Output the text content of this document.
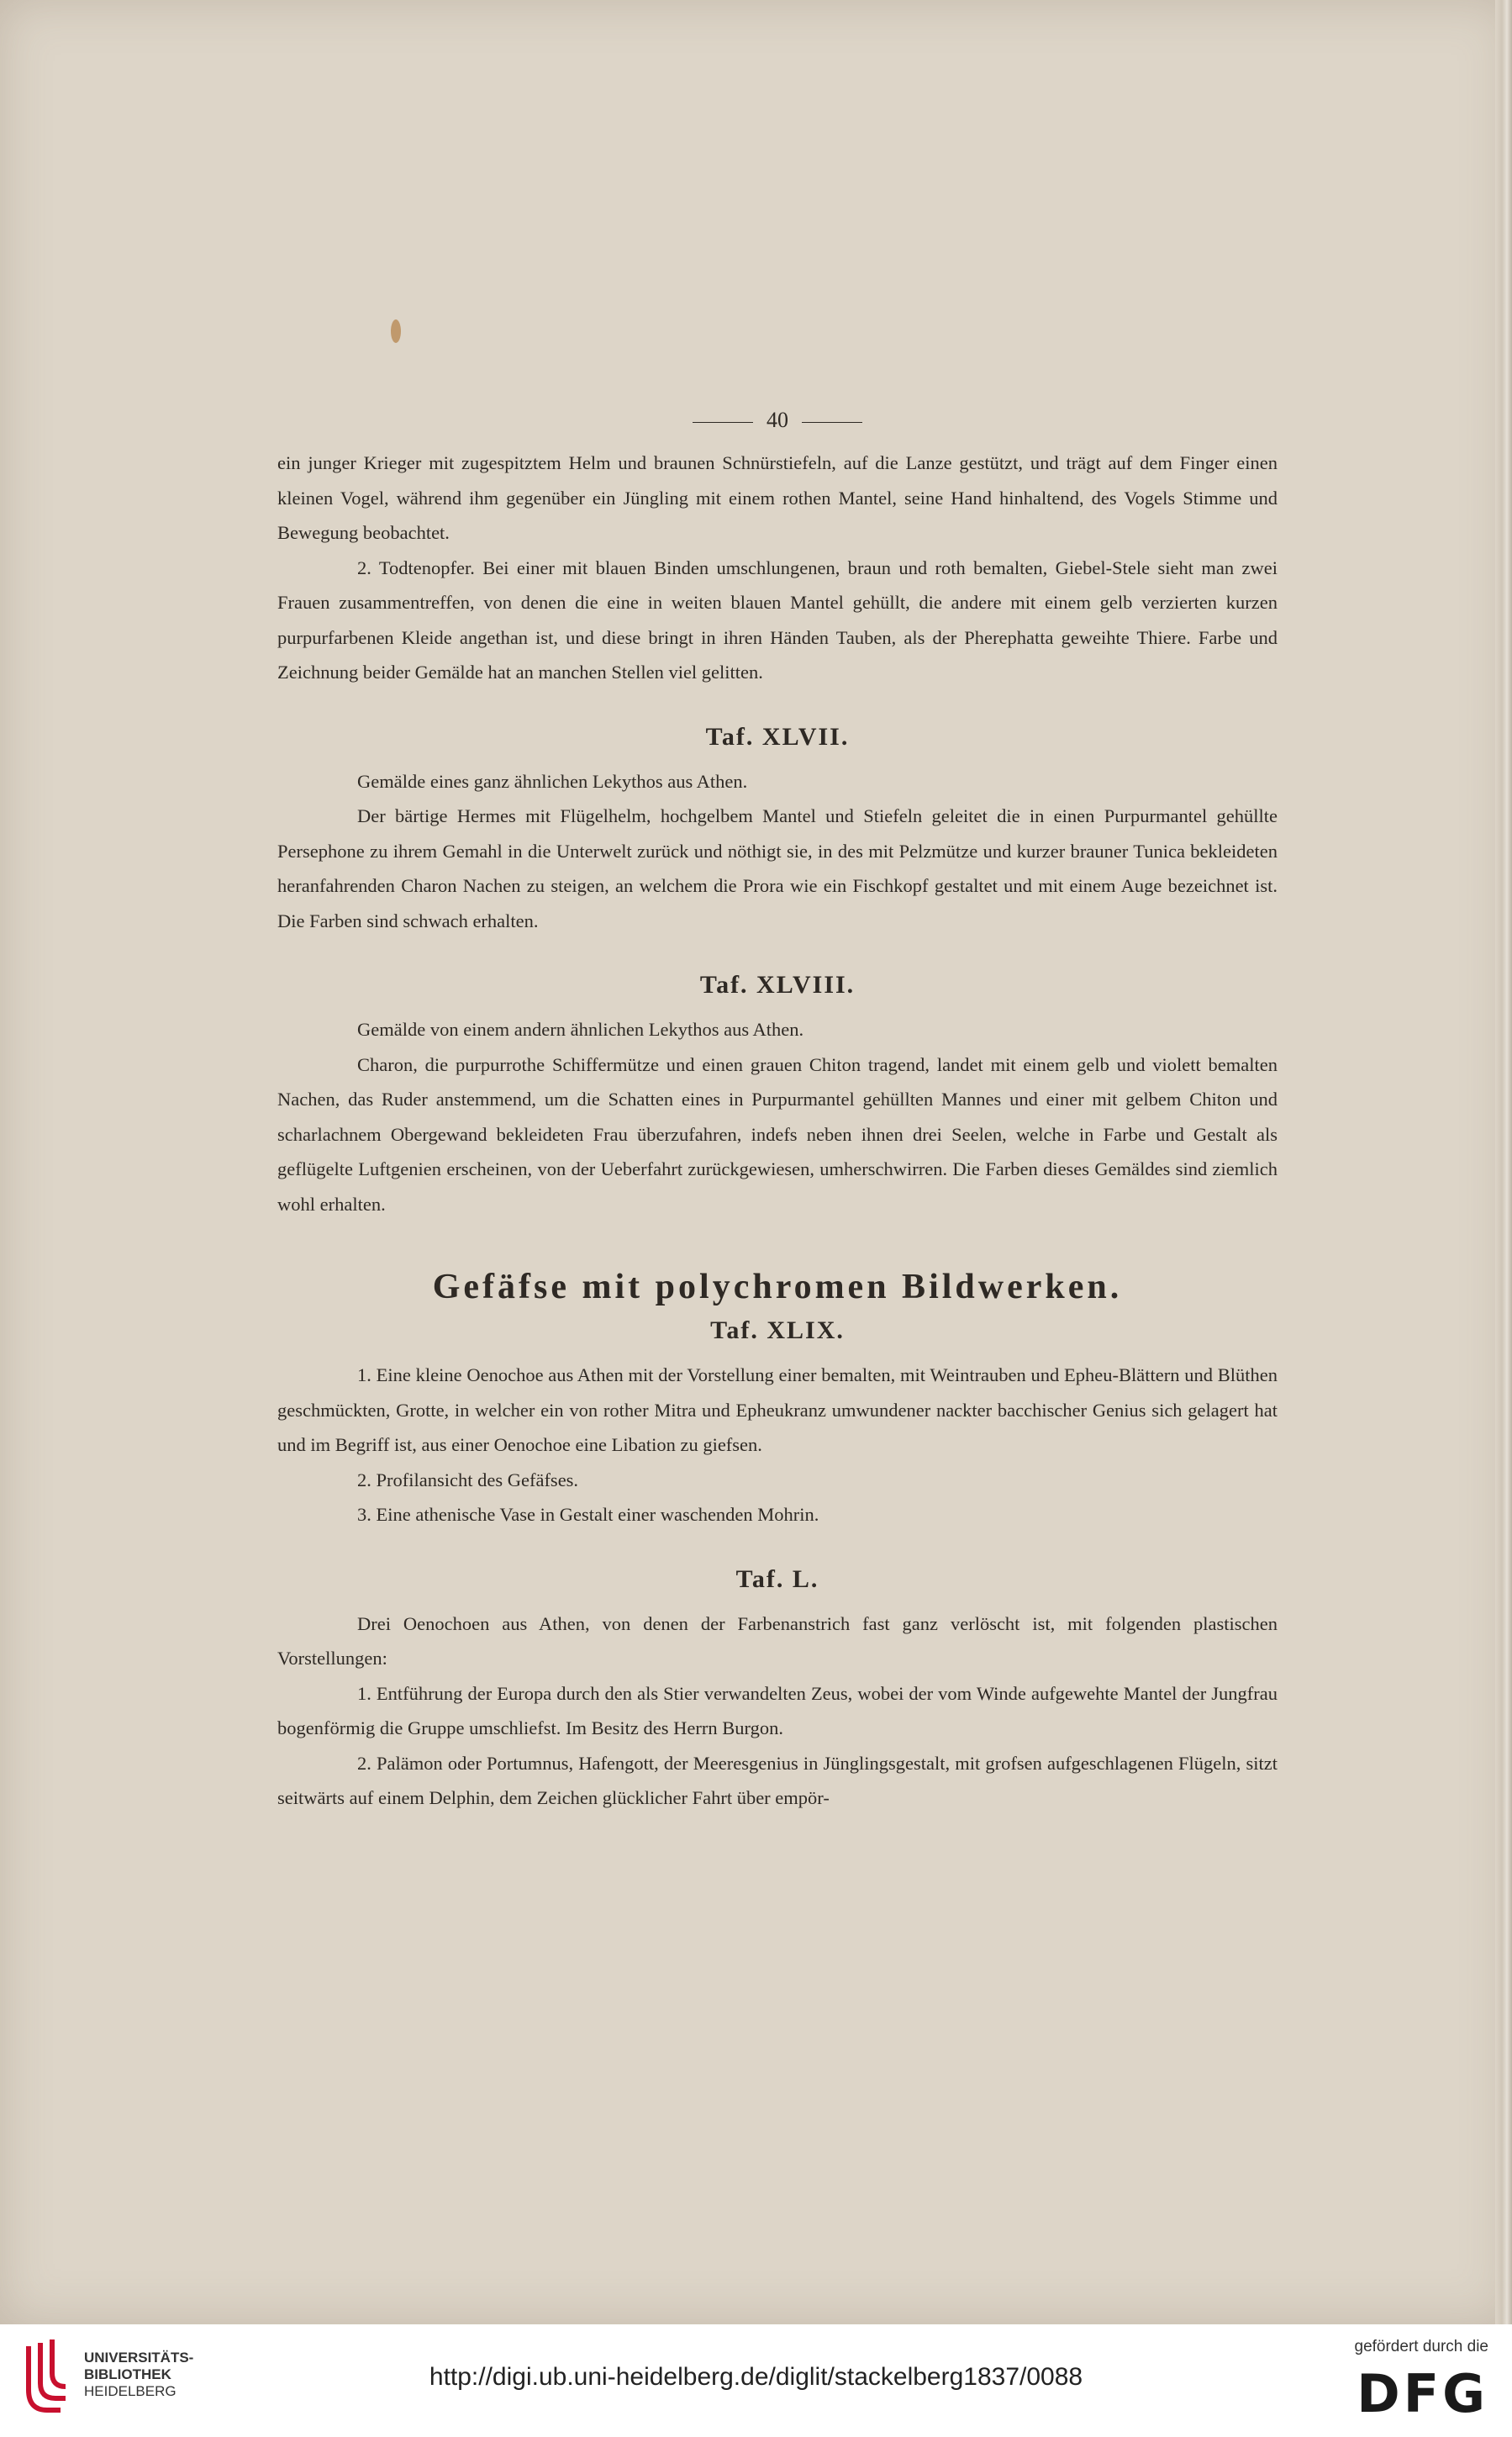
40

ein junger Krieger mit zugespitztem Helm und braunen Schnürstiefeln, auf die Lanze gestützt, und trägt auf dem Finger einen kleinen Vogel, während ihm gegenüber ein Jüngling mit einem rothen Mantel, seine Hand hinhaltend, des Vogels Stimme und Bewegung beobachtet.

2. Todtenopfer. Bei einer mit blauen Binden umschlungenen, braun und roth bemalten, Giebel-Stele sieht man zwei Frauen zusammentreffen, von denen die eine in weiten blauen Mantel gehüllt, die andere mit einem gelb verzierten kurzen purpurfarbenen Kleide angethan ist, und diese bringt in ihren Händen Tauben, als der Pherephatta geweihte Thiere. Farbe und Zeichnung beider Gemälde hat an manchen Stellen viel gelitten.

Taf. XLVII.

Gemälde eines ganz ähnlichen Lekythos aus Athen.

Der bärtige Hermes mit Flügelhelm, hochgelbem Mantel und Stiefeln geleitet die in einen Purpurmantel gehüllte Persephone zu ihrem Gemahl in die Unterwelt zurück und nöthigt sie, in des mit Pelzmütze und kurzer brauner Tunica bekleideten heranfahrenden Charon Nachen zu steigen, an welchem die Prora wie ein Fischkopf gestaltet und mit einem Auge bezeichnet ist. Die Farben sind schwach erhalten.

Taf. XLVIII.

Gemälde von einem andern ähnlichen Lekythos aus Athen.

Charon, die purpurrothe Schiffermütze und einen grauen Chiton tragend, landet mit einem gelb und violett bemalten Nachen, das Ruder anstemmend, um die Schatten eines in Purpurmantel gehüllten Mannes und einer mit gelbem Chiton und scharlachnem Obergewand bekleideten Frau überzufahren, indefs neben ihnen drei Seelen, welche in Farbe und Gestalt als geflügelte Luftgenien erscheinen, von der Ueberfahrt zurückgewiesen, umherschwirren. Die Farben dieses Gemäldes sind ziemlich wohl erhalten.

Gefäfse mit polychromen Bildwerken.
Taf. XLIX.

1. Eine kleine Oenochoe aus Athen mit der Vorstellung einer bemalten, mit Weintrauben und Epheu-Blättern und Blüthen geschmückten, Grotte, in welcher ein von rother Mitra und Epheukranz umwundener nackter bacchischer Genius sich gelagert hat und im Begriff ist, aus einer Oenochoe eine Libation zu giefsen.

2. Profilansicht des Gefäfses.

3. Eine athenische Vase in Gestalt einer waschenden Mohrin.

Taf. L.

Drei Oenochoen aus Athen, von denen der Farbenanstrich fast ganz verlöscht ist, mit folgenden plastischen Vorstellungen:

1. Entführung der Europa durch den als Stier verwandelten Zeus, wobei der vom Winde aufgewehte Mantel der Jungfrau bogenförmig die Gruppe umschliefst. Im Besitz des Herrn Burgon.

2. Palämon oder Portumnus, Hafengott, der Meeresgenius in Jünglingsgestalt, mit grofsen aufgeschlagenen Flügeln, sitzt seitwärts auf einem Delphin, dem Zeichen glücklicher Fahrt über empör-

UNIVERSITÄTS-
BIBLIOTHEK
HEIDELBERG
http://digi.ub.uni-heidelberg.de/diglit/stackelberg1837/0088
gefördert durch die
DFG
